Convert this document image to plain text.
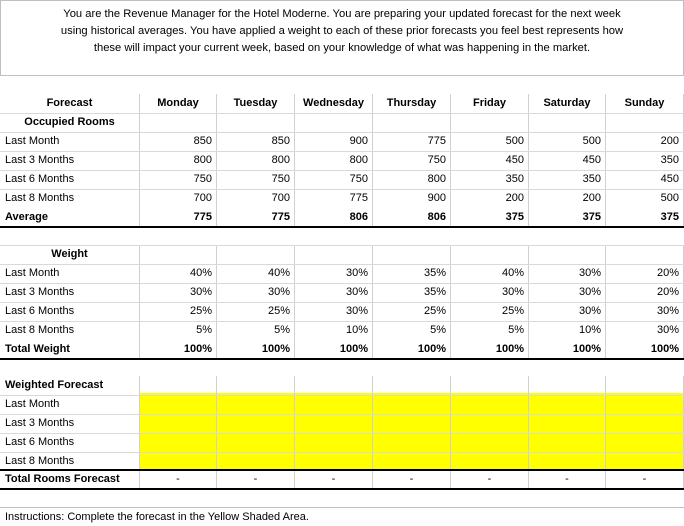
You are the Revenue Manager for the Hotel Moderne. You are preparing your updated forecast for the next week
using historical averages. You have applied a weight to each of these prior forecasts you feel best represents how
these will impact your current week, based on your knowledge of what was happening in the market.
Instructions: Complete the forecast in the Yellow Shaded Area.
Forecast	Monday	Tuesday	Wednesday	Thursday	Friday	Saturday	Sunday
Occupied Rooms
Last Month	850	850	900	775	500	500	200
Last 3 Months	800	800	800	750	450	450	350
Last 6 Months	750	750	750	800	350	350	450
Last 8 Months	700	700	775	900	200	200	500
Average	775	775	806	806	375	375	375
Weight
Last Month	40%	40%	30%	35%	40%	30%	20%
Last 3 Months	30%	30%	30%	35%	30%	30%	20%
Last 6 Months	25%	25%	30%	25%	25%	30%	30%
Last 8 Months	5%	5%	10%	5%	5%	10%	30%
Total Weight	100%	100%	100%	100%	100%	100%	100%
Weighted Forecast
Last Month
Last 3 Months
Last 6 Months
Last 8 Months
Total Rooms Forecast	-	-	-	-	-	-	-
